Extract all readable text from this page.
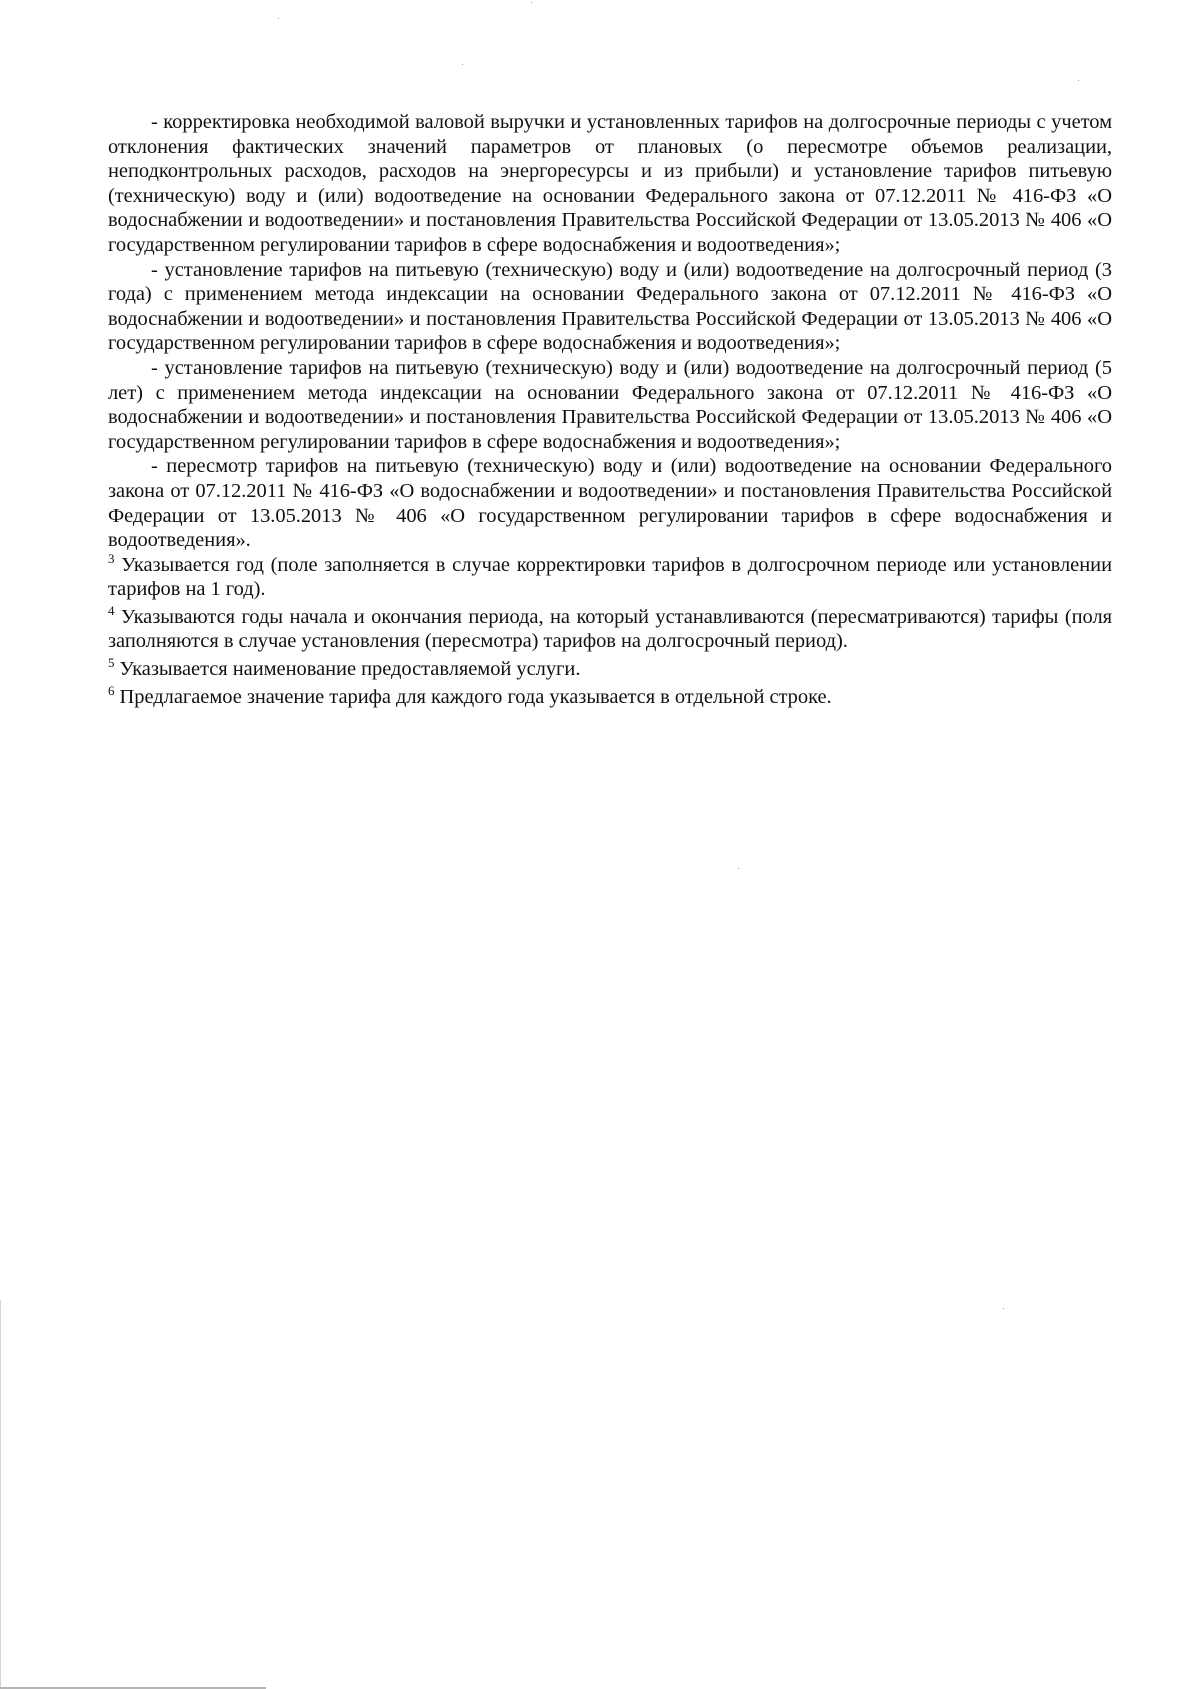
- корректировка необходимой валовой выручки и установленных тарифов на долгосрочные периоды с учетом отклонения фактических значений параметров от плановых (о пересмотре объемов реализации, неподконтрольных расходов, расходов на энергоресурсы и из прибыли) и установление тарифов питьевую (техническую) воду и (или) водоотведение на основании Федерального закона от 07.12.2011 № 416-ФЗ «О водоснабжении и водоотведении» и постановления Правительства Российской Федерации от 13.05.2013 № 406 «О государственном регулировании тарифов в сфере водоснабжения и водоотведения»;

- установление тарифов на питьевую (техническую) воду и (или) водоотведение на долгосрочный период (3 года) с применением метода индексации на основании Федерального закона от 07.12.2011 № 416-ФЗ «О водоснабжении и водоотведении» и постановления Правительства Российской Федерации от 13.05.2013 № 406 «О государственном регулировании тарифов в сфере водоснабжения и водоотведения»;

- установление тарифов на питьевую (техническую) воду и (или) водоотведение на долгосрочный период (5 лет) с применением метода индексации на основании Федерального закона от 07.12.2011 № 416-ФЗ «О водоснабжении и водоотведении» и постановления Правительства Российской Федерации от 13.05.2013 № 406 «О государственном регулировании тарифов в сфере водоснабжения и водоотведения»;

- пересмотр тарифов на питьевую (техническую) воду и (или) водоотведение на основании Федерального закона от 07.12.2011 № 416-ФЗ «О водоснабжении и водоотведении» и постановления Правительства Российской Федерации от 13.05.2013 № 406 «О государственном регулировании тарифов в сфере водоснабжения и водоотведения».

$^3$ Указывается год (поле заполняется в случае корректировки тарифов в долгосрочном периоде или установлении тарифов на 1 год).

$^4$ Указываются годы начала и окончания периода, на который устанавливаются (пересматриваются) тарифы (поля заполняются в случае установления (пересмотра) тарифов на долгосрочный период).

$^5$ Указывается наименование предоставляемой услуги.

$^6$ Предлагаемое значение тарифа для каждого года указывается в отдельной строке.
